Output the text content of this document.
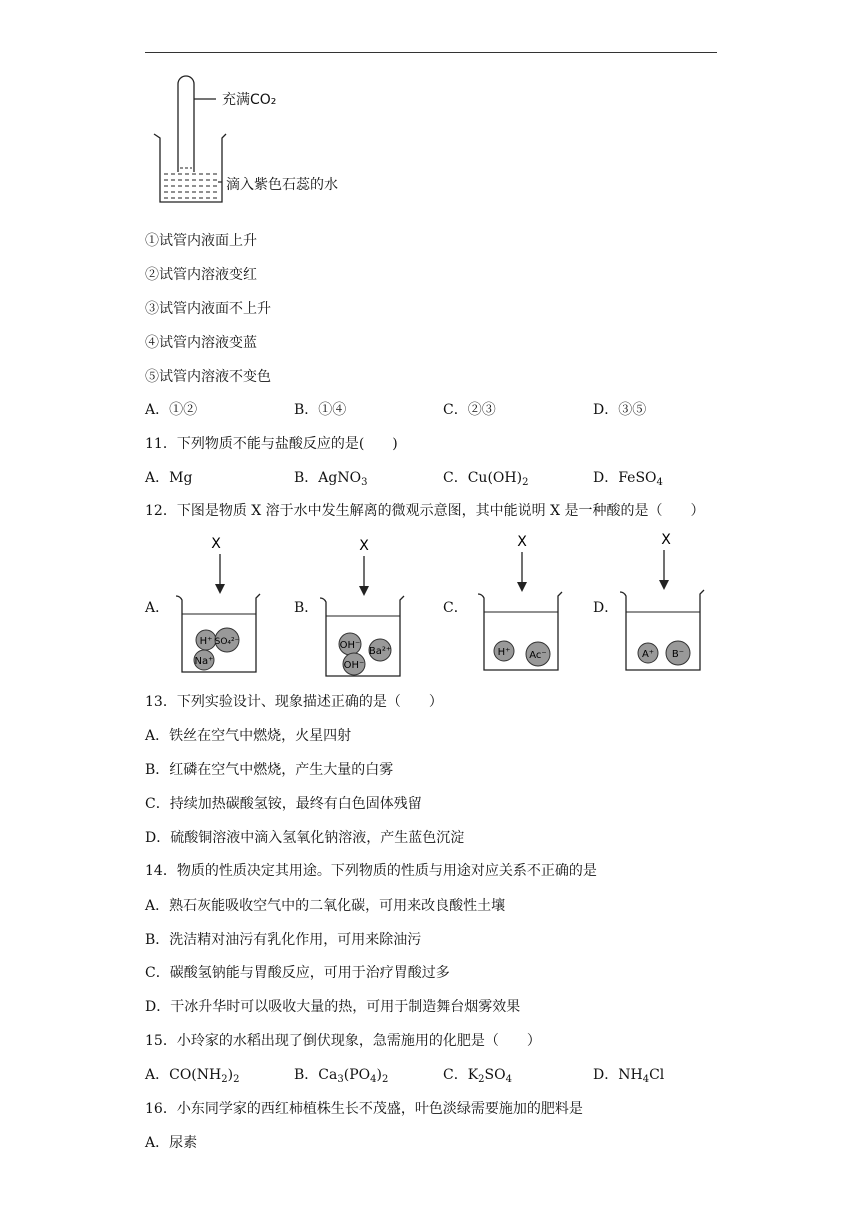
充满CO₂
滴入紫色石蕊的水
①试管内液面上升
②试管内溶液变红
③试管内液面不上升
④试管内溶液变蓝
⑤试管内溶液不变色
A．①②	B．①④	C．②③	D．③⑤
11．下列物质不能与盐酸反应的是(　　)
A．Mg	B．AgNO$_3$	C．$Cu(OH)_2$	D．FeSO$_4$
12．下图是物质 X 溶于水中发生解离的微观示意图，其中能说明 X 是一种酸的是（　　）
A．	B．	C．	D．
X
H⁺ SO₄²⁻
Na⁺
X
OH⁻
Ba²⁺
OH⁻
X
H⁺ Ac⁻
X
A⁺ B⁻
13．下列实验设计、现象描述正确的是（　　）
A．铁丝在空气中燃烧，火星四射
B．红磷在空气中燃烧，产生大量的白雾
C．持续加热碳酸氢铵，最终有白色固体残留
D．硫酸铜溶液中滴入氢氧化钠溶液，产生蓝色沉淀
14．物质的性质决定其用途。下列物质的性质与用途对应关系不正确的是
A．熟石灰能吸收空气中的二氧化碳，可用来改良酸性土壤
B．洗洁精对油污有乳化作用，可用来除油污
C．碳酸氢钠能与胃酸反应，可用于治疗胃酸过多
D．干冰升华时可以吸收大量的热，可用于制造舞台烟雾效果
15．小玲家的水稻出现了倒伏现象，急需施用的化肥是（　　）
A．$CO(NH_2)_2$	B．$Ca_3(PO_4)_2$	C．$K_2SO_4$	D．$NH_4Cl$
16．小东同学家的西红柿植株生长不茂盛，叶色淡绿需要施加的肥料是
A．尿素
